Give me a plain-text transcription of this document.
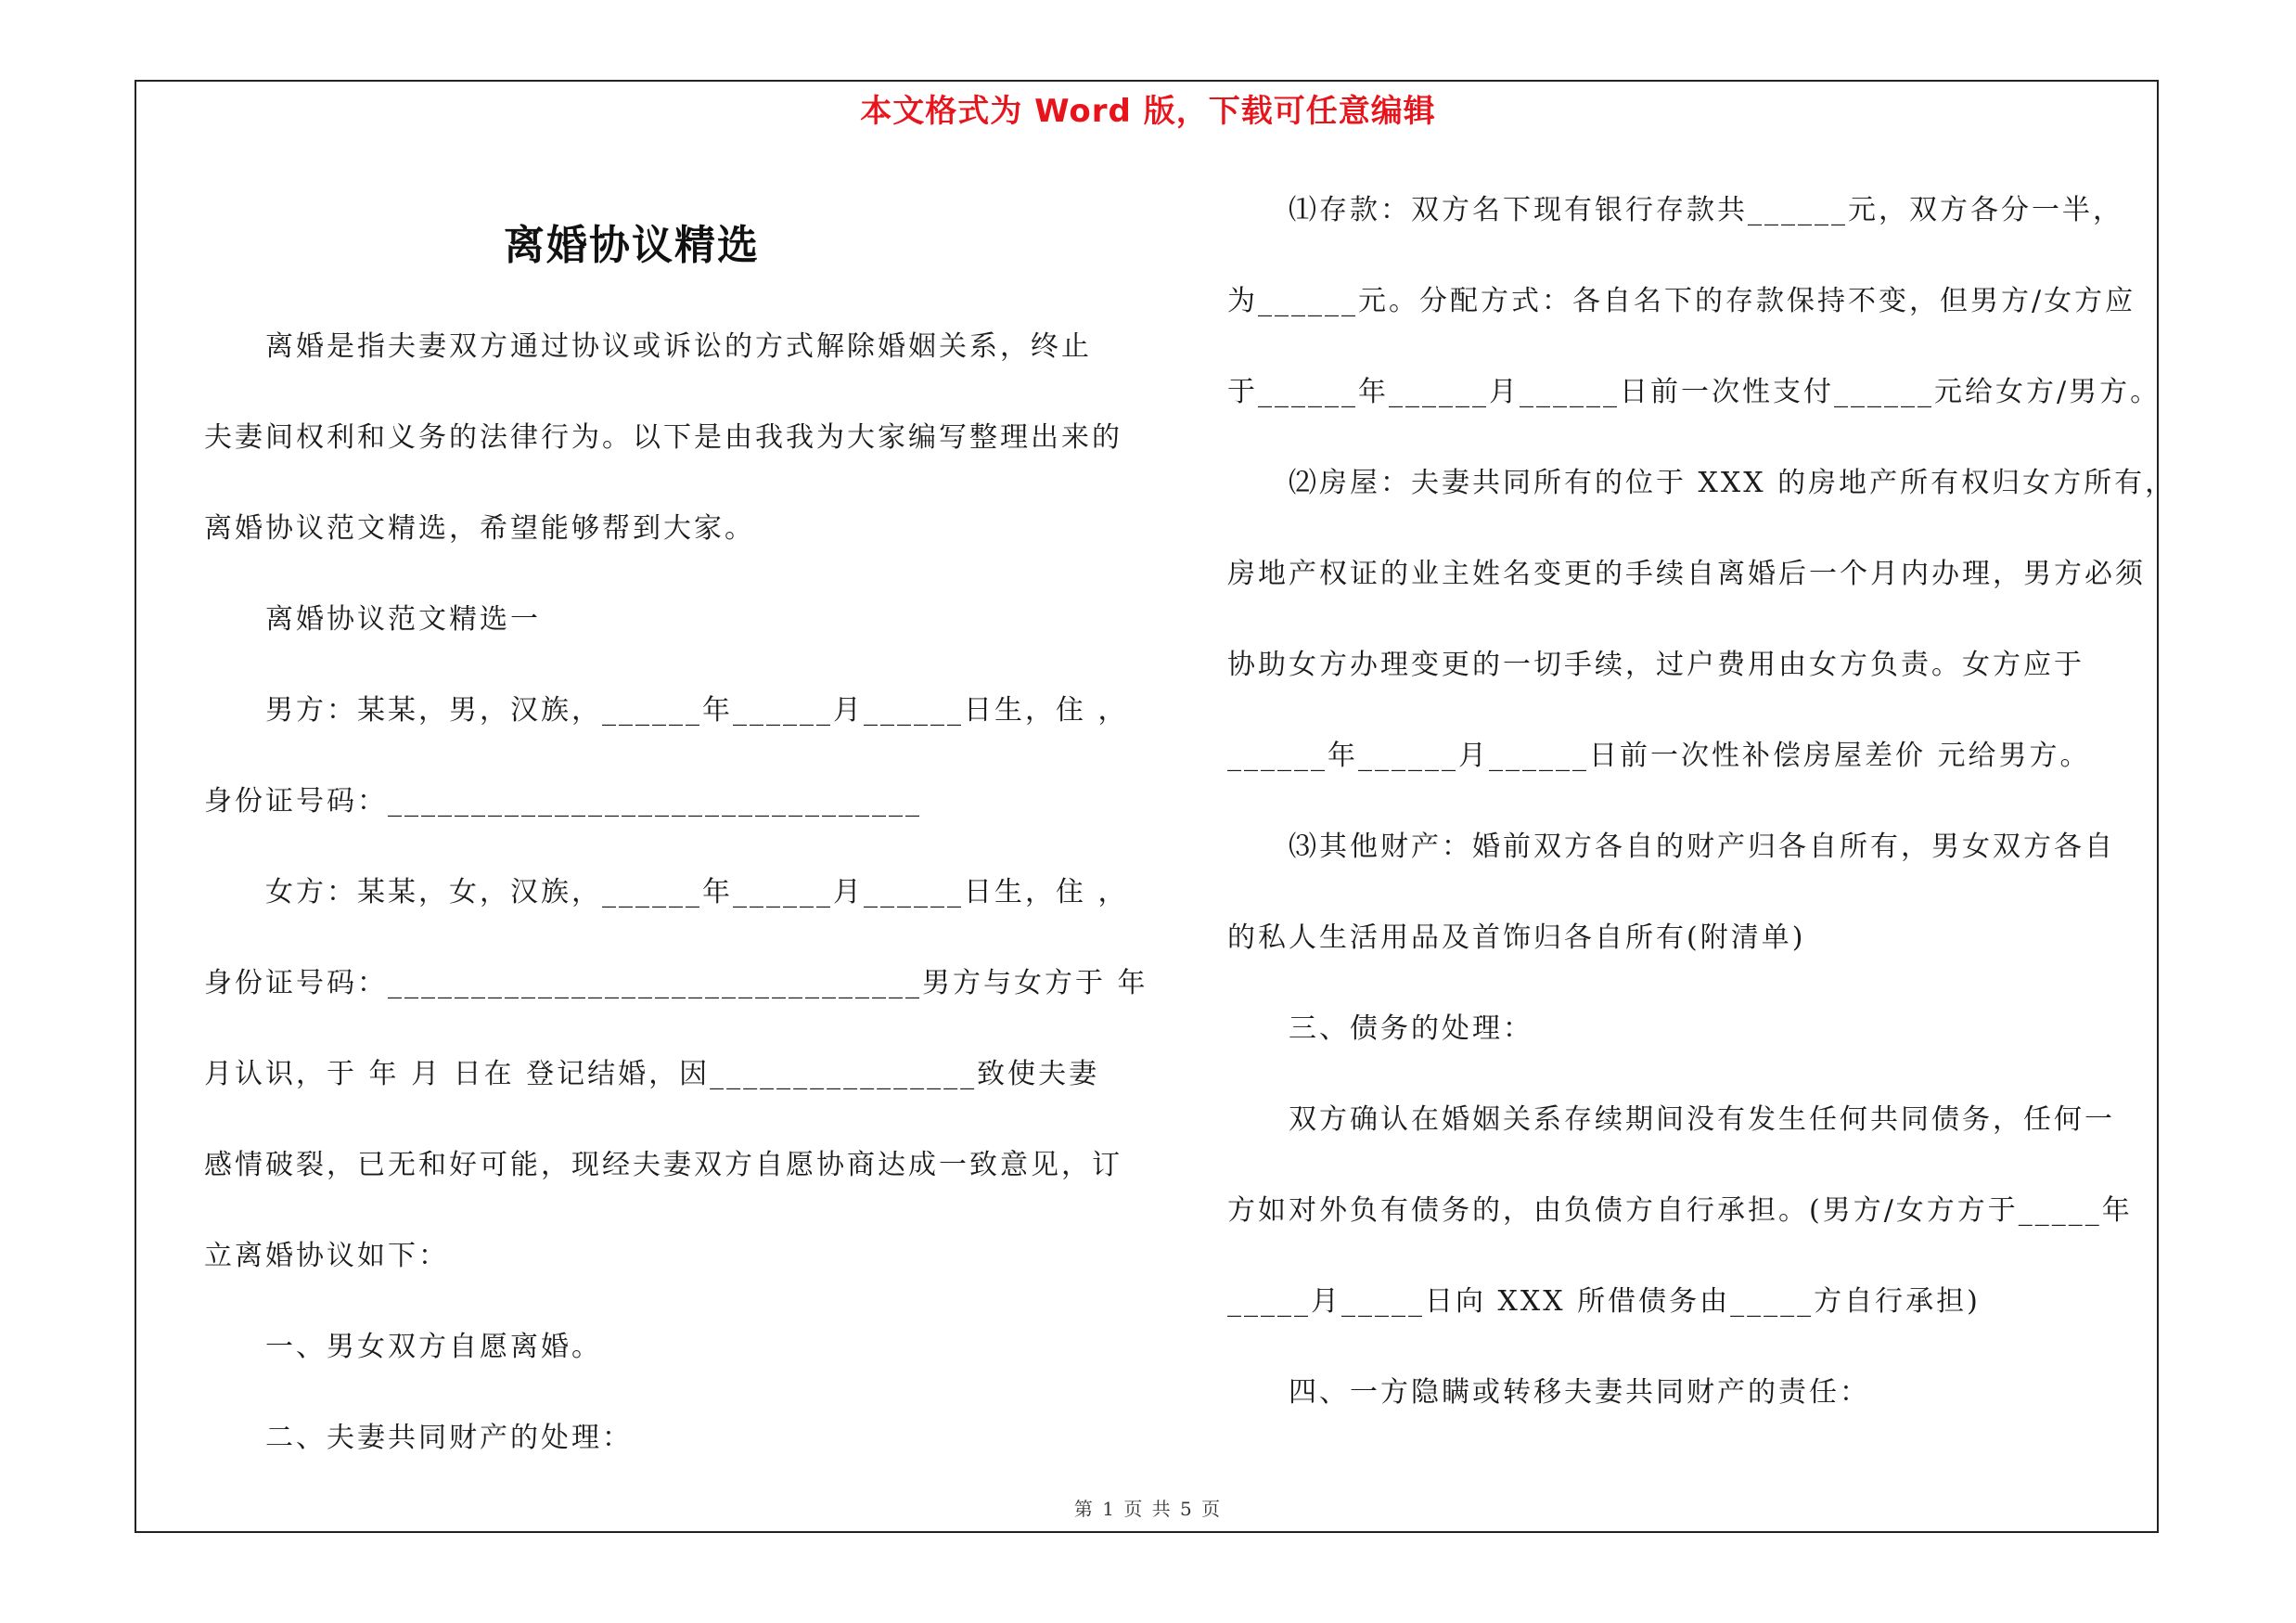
本文格式为 Word 版，下载可任意编辑
离婚协议精选

　　离婚是指夫妻双方通过协议或诉讼的方式解除婚姻关系，终止

夫妻间权利和义务的法律行为。以下是由我我为大家编写整理出来的

离婚协议范文精选，希望能够帮到大家。

　　离婚协议范文精选一

　　男方：某某，男，汉族，______年______月______日生，住 ，

身份证号码：________________________________

　　女方：某某，女，汉族，______年______月______日生，住 ，

身份证号码：________________________________男方与女方于 年

月认识，于 年 月 日在 登记结婚，因________________致使夫妻

感情破裂，已无和好可能，现经夫妻双方自愿协商达成一致意见，订

立离婚协议如下：

　　一、男女双方自愿离婚。

　　二、夫妻共同财产的处理：

　　⑴存款：双方名下现有银行存款共______元，双方各分一半，

为______元。分配方式：各自名下的存款保持不变，但男方/女方应

于______年______月______日前一次性支付______元给女方/男方。

　　⑵房屋：夫妻共同所有的位于 XXX 的房地产所有权归女方所有，

房地产权证的业主姓名变更的手续自离婚后一个月内办理，男方必须

协助女方办理变更的一切手续，过户费用由女方负责。女方应于

______年______月______日前一次性补偿房屋差价 元给男方。

　　⑶其他财产：婚前双方各自的财产归各自所有，男女双方各自

的私人生活用品及首饰归各自所有(附清单)

　　三、债务的处理：

　　双方确认在婚姻关系存续期间没有发生任何共同债务，任何一

方如对外负有债务的，由负债方自行承担。(男方/女方方于_____年

_____月_____日向 XXX 所借债务由_____方自行承担)

　　四、一方隐瞒或转移夫妻共同财产的责任：

第 1 页 共 5 页
